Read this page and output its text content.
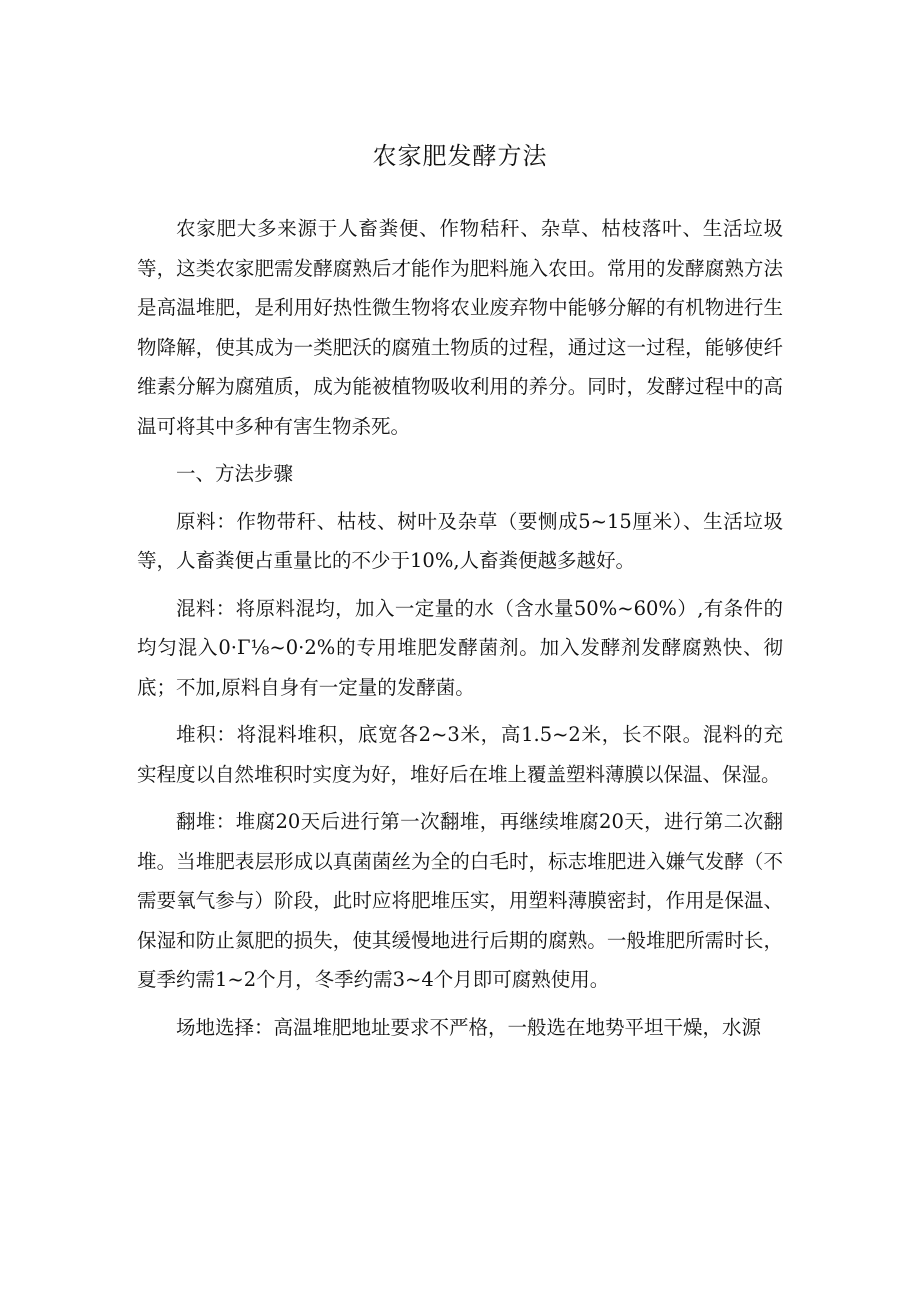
农家肥发酵方法

农家肥大多来源于人畜粪便、作物秸秆、杂草、枯枝落叶、生活垃圾等，这类农家肥需发酵腐熟后才能作为肥料施入农田。常用的发酵腐熟方法是高温堆肥，是利用好热性微生物将农业废弃物中能够分解的有机物进行生物降解，使其成为一类肥沃的腐殖土物质的过程，通过这一过程，能够使纤维素分解为腐殖质，成为能被植物吸收利用的养分。同时，发酵过程中的高温可将其中多种有害生物杀死。

一、方法步骤

原料：作物带秆、枯枝、树叶及杂草（要恻成5~15厘米）、生活垃圾等，人畜粪便占重量比的不少于10%,人畜粪便越多越好。

混料：将原料混均，加入一定量的水（含水量50%~60%）,有条件的均匀混入0·Γ⅛~0·2%的专用堆肥发酵菌剂。加入发酵剂发酵腐熟快、彻底；不加,原料自身有一定量的发酵菌。

堆积：将混料堆积，底宽各2~3米，高1.5~2米，长不限。混料的充实程度以自然堆积时实度为好，堆好后在堆上覆盖塑料薄膜以保温、保湿。

翻堆：堆腐20天后进行第一次翻堆，再继续堆腐20天，进行第二次翻堆。当堆肥表层形成以真菌菌丝为全的白毛时，标志堆肥进入嫌气发酵（不需要氧气参与）阶段，此时应将肥堆压实，用塑料薄膜密封，作用是保温、保湿和防止氮肥的损失，使其缓慢地进行后期的腐熟。一般堆肥所需时长，夏季约需1~2个月，冬季约需3~4个月即可腐熟使用。

场地选择：高温堆肥地址要求不严格，一般选在地势平坦干燥，水源
